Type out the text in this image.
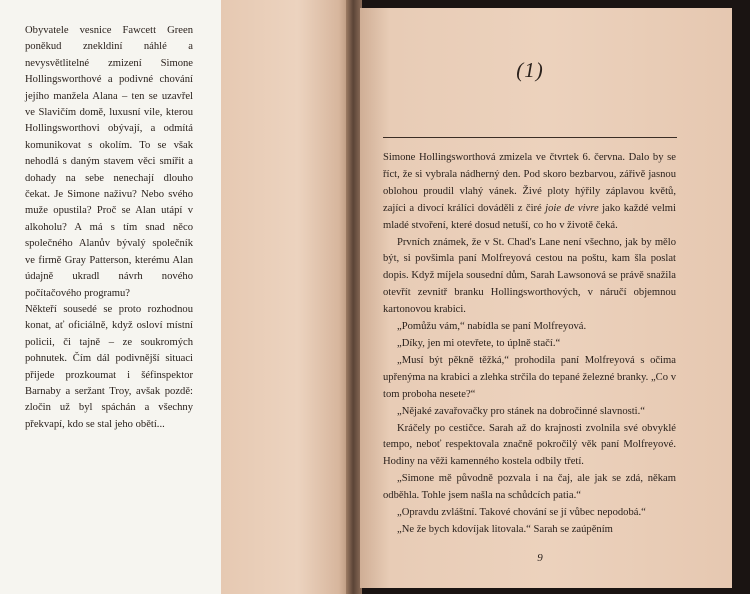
Obyvatele vesnice Fawcett Green poněkud znekldiní náhlé a nevysvětlitelné zmizení Simone Hollingsworthové a podivné chování jejího manžela Alana – ten se uzavřel ve Slavičím domě, luxusní vile, kterou Hollingsworthovi obývají, a odmítá komunikovat s okolím. To se však nehodlá s daným stavem věci smířit a dohady na sebe nenechají dlouho čekat. Je Simone naživu? Nebo svého muže opustila? Proč se Alan utápí v alkoholu? A má s tím snad něco společného Alanův bývalý společník ve firmě Gray Patterson, kterému Alan údajně ukradl návrh nového počítačového programu?

Někteří sousedé se proto rozhodnou konat, ať oficiálně, když osloví místní policii, či tajně – ze soukromých pohnutek. Čím dál podivnější situaci přijede prozkoumat i šéfinspektor Barnaby a seržant Troy, avšak pozdě: zločin už byl spáchán a všechny překvapí, kdo se stal jeho obětí...

(1)

Simone Hollingsworthová zmizela ve čtvrtek 6. června. Dalo by se říct, že si vybrala nádherný den. Pod skoro bezbarvou, zářivě jasnou oblohou proudil vlahý vánek. Živé ploty hýřily záplavou květů, zajíci a divocí králíci dováděli z čiré joie de vivre jako každé velmi mladé stvoření, které dosud netuší, co ho v životě čeká.

Prvních známek, že v St. Chad's Lane není všechno, jak by mělo být, si povšimla paní Molfreyová cestou na poštu, kam šla poslat dopis. Když míjela sousední dům, Sarah Lawsonová se právě snažila otevřít zevnitř branku Hollingsworthových, v náručí objemnou kartonovou krabici.

„Pomůžu vám,“ nabídla se paní Molfreyová.

„Díky, jen mi otevřete, to úplně stačí.“

„Musí být pěkně těžká,“ prohodila paní Molfreyová s očima upřenýma na krabici a zlehka strčila do tepané železné branky. „Co v tom proboha nesete?“

„Nějaké zavařovačky pro stánek na dobročinné slavnosti.“

Kráčely po cestičce. Sarah až do krajnosti zvolnila své obvyklé tempo, neboť respektovala značně pokročilý věk paní Molfreyové. Hodiny na věži kamenného kostela odbily třetí.

„Simone mě původně pozvala i na čaj, ale jak se zdá, někam odběhla. Tohle jsem našla na schůdcích patia.“

„Opravdu zvláštní. Takové chování se jí vůbec nepodobá.“

„Ne že bych kdovíjak litovala.“ Sarah se zaúpěním

9
